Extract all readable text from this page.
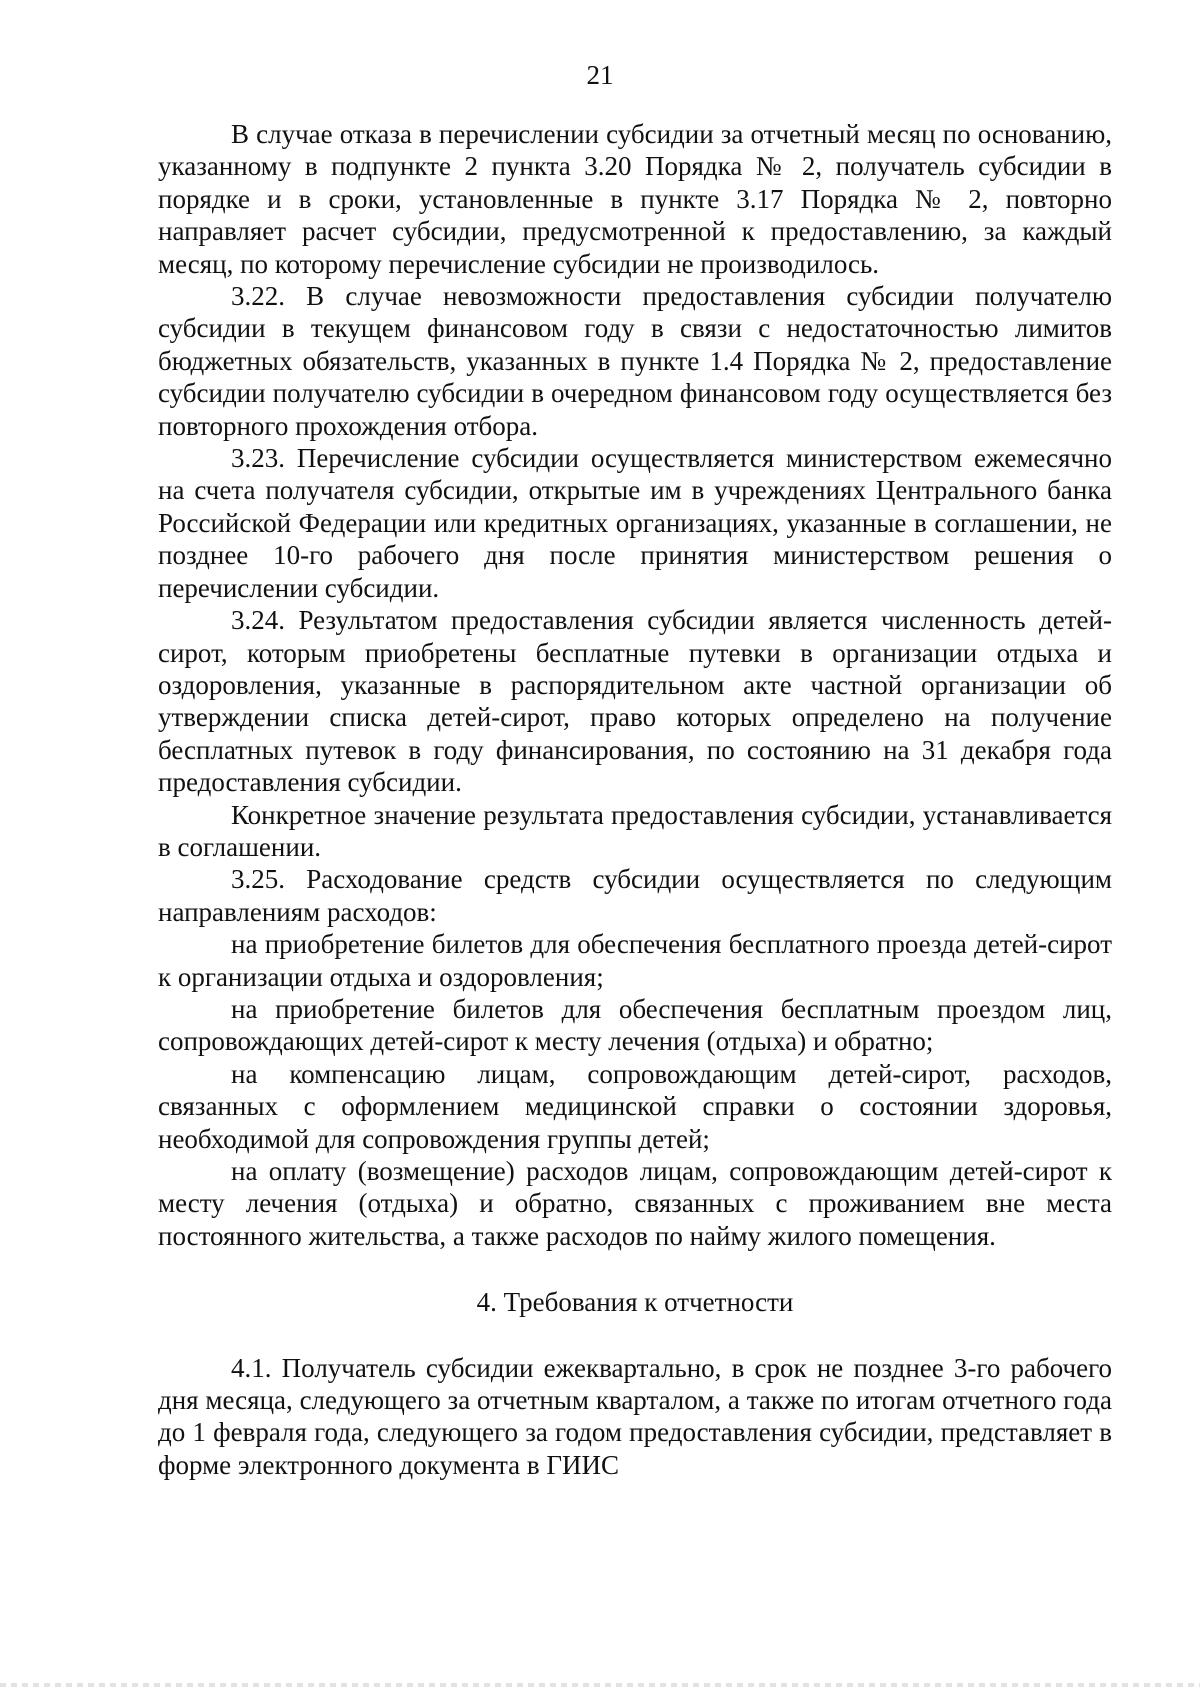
21

В случае отказа в перечислении субсидии за отчетный месяц по основанию, указанному в подпункте 2 пункта 3.20 Порядка № 2, получатель субсидии в порядке и в сроки, установленные в пункте 3.17 Порядка № 2, повторно направляет расчет субсидии, предусмотренной к предоставлению, за каждый месяц, по которому перечисление субсидии не производилось.

3.22. В случае невозможности предоставления субсидии получателю субсидии в текущем финансовом году в связи с недостаточностью лимитов бюджетных обязательств, указанных в пункте 1.4 Порядка № 2, предоставление субсидии получателю субсидии в очередном финансовом году осуществляется без повторного прохождения отбора.

3.23. Перечисление субсидии осуществляется министерством ежемесячно на счета получателя субсидии, открытые им в учреждениях Центрального банка Российской Федерации или кредитных организациях, указанные в соглашении, не позднее 10-го рабочего дня после принятия министерством решения о перечислении субсидии.

3.24. Результатом предоставления субсидии является численность детей-сирот, которым приобретены бесплатные путевки в организации отдыха и оздоровления, указанные в распорядительном акте частной организации об утверждении списка детей-сирот, право которых определено на получение бесплатных путевок в году финансирования, по состоянию на 31 декабря года предоставления субсидии.

Конкретное значение результата предоставления субсидии, устанавливается в соглашении.

3.25. Расходование средств субсидии осуществляется по следующим направлениям расходов:

на приобретение билетов для обеспечения бесплатного проезда детей-сирот к организации отдыха и оздоровления;

на приобретение билетов для обеспечения бесплатным проездом лиц, сопровождающих детей-сирот к месту лечения (отдыха) и обратно;

на компенсацию лицам, сопровождающим детей-сирот, расходов, связанных с оформлением медицинской справки о состоянии здоровья, необходимой для сопровождения группы детей;

на оплату (возмещение) расходов лицам, сопровождающим детей-сирот к месту лечения (отдыха) и обратно, связанных с проживанием вне места постоянного жительства, а также расходов по найму жилого помещения.

4. Требования к отчетности

4.1. Получатель субсидии ежеквартально, в срок не позднее 3-го рабочего дня месяца, следующего за отчетным кварталом, а также по итогам отчетного года до 1 февраля года, следующего за годом предоставления субсидии, представляет в форме электронного документа в ГИИС
